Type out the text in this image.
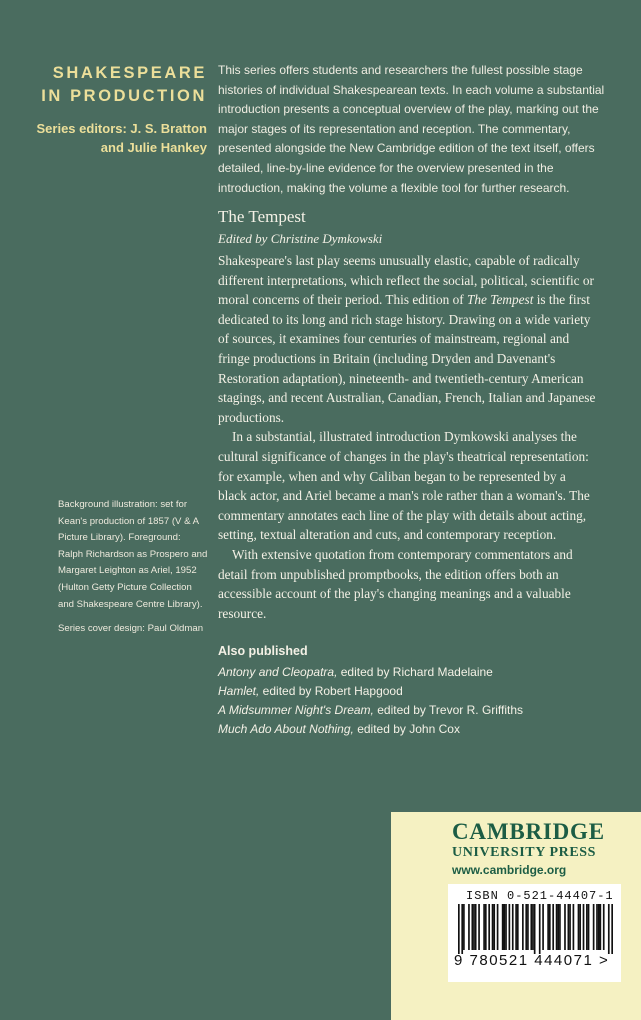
SHAKESPEARE
IN PRODUCTION
Series editors: J. S. Bratton
and Julie Hankey
This series offers students and researchers the fullest possible stage histories of individual Shakespearean texts. In each volume a substantial introduction presents a conceptual overview of the play, marking out the major stages of its representation and reception. The commentary, presented alongside the New Cambridge edition of the text itself, offers detailed, line-by-line evidence for the overview presented in the introduction, making the volume a flexible tool for further research.
The Tempest
Edited by Christine Dymkowski

Shakespeare's last play seems unusually elastic, capable of radically different interpretations, which reflect the social, political, scientific or moral concerns of their period. This edition of The Tempest is the first dedicated to its long and rich stage history. Drawing on a wide variety of sources, it examines four centuries of mainstream, regional and fringe productions in Britain (including Dryden and Davenant's Restoration adaptation), nineteenth- and twentieth-century American stagings, and recent Australian, Canadian, French, Italian and Japanese productions.

In a substantial, illustrated introduction Dymkowski analyses the cultural significance of changes in the play's theatrical representation: for example, when and why Caliban began to be represented by a black actor, and Ariel became a man's role rather than a woman's. The commentary annotates each line of the play with details about acting, setting, textual alteration and cuts, and contemporary reception.

With extensive quotation from contemporary commentators and detail from unpublished promptbooks, the edition offers both an accessible account of the play's changing meanings and a valuable resource.

Background illustration: set for Kean's production of 1857 (V & A Picture Library). Foreground: Ralph Richardson as Prospero and Margaret Leighton as Ariel, 1952 (Hulton Getty Picture Collection and Shakespeare Centre Library).

Series cover design: Paul Oldman

Also published
Antony and Cleopatra, edited by Richard Madelaine
Hamlet, edited by Robert Hapgood
A Midsummer Night's Dream, edited by Trevor R. Griffiths
Much Ado About Nothing, edited by John Cox
CAMBRIDGE
UNIVERSITY PRESS
www.cambridge.org
ISBN 0-521-44407-1
9 780521 444071 >
